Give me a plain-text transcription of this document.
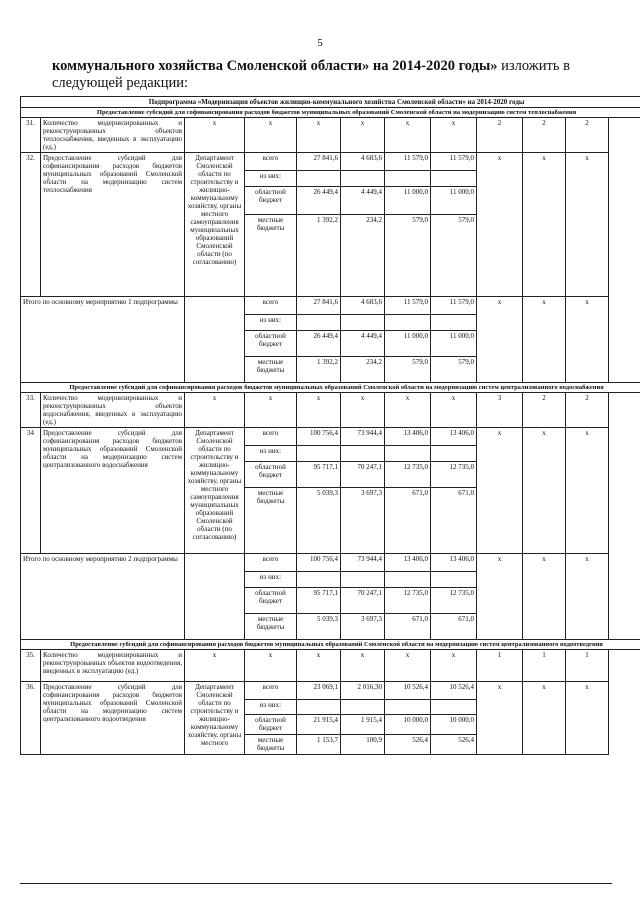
5
коммунального хозяйства Смоленской области» на 2014-2020 годы» изложить в следующей редакции:
Подпрограмма «Модернизация объектов жилищно-коммунального хозяйства Смоленской области» на 2014-2020 годы										
Предоставление субсидий для софинансирования расходов бюджетов муниципальных образований Смоленской области на модернизацию систем теплоснабжения										
31.	Количество модернизированных и реконструированных объектов теплоснабжения, введенных в эксплуатацию (ед.)	х	х	х	х	х	х	2	2	2
32.	Предоставление субсидий для софинансирования расходов бюджетов муниципальных образований Смоленской области на модернизацию систем теплоснабжения	Департамент Смоленской области по строительству и жилищно-коммунальному хозяйству, органы местного самоуправления муниципальных образований Смоленской области (по согласованию)	всего	27 841,6	4 683,6	11 579,0	11 579,0	х	х	х
			из них:							
			областной бюджет	26 449,4	4 449,4	11 000,0	11 000,0			
			местные бюджеты	1 392,2	234,2	579,0	579,0			
Итого по основному мероприятию 1 подпрограммы			всего	27 841,6	4 683,6	11 579,0	11 579,0	х	х	х
			из них:							
			областной бюджет	26 449,4	4 449,4	11 000,0	11 000,0			
			местные бюджеты	1 392,2	234,2	579,0	579,0			
Предоставление субсидий для софинансирования расходов бюджетов муниципальных образований Смоленской области на модернизацию систем централизованного водоснабжения										
33.	Количество модернизированных и реконструированных объектов водоснабжения, введенных в эксплуатацию (ед.)	х	х	х	х	х	х	3	2	2
34	Предоставление субсидий для софинансирования расходов бюджетов муниципальных образований Смоленской области на модернизацию систем централизованного водоснабжения	Департамент Смоленской области по строительству и жилищно-коммунальному хозяйству, органы местного самоуправления муниципальных образований Смоленской области (по согласованию)	всего	100 756,4	73 944,4	13 406,0	13 406,0	х	х	х
			из них:							
			областной бюджет	95 717,1	70 247,1	12 735,0	12 735,0			
			местные бюджеты	5 039,3	3 697,3	671,0	671,0			
Итого по основному мероприятию 2 подпрограммы			всего	100 756,4	73 944,4	13 406,0	13 406,0	х	х	х
			из них:							
			областной бюджет	95 717,1	70 247,1	12 735,0	12 735,0			
			местные бюджеты	5 039,3	3 697,3	671,0	671,0			
Предоставление субсидий для софинансирования расходов бюджетов муниципальных образований Смоленской области на модернизацию систем централизованного водоотведения										
35.	Количество модернизированных и реконструированных объектов водоотведения, введенных в эксплуатацию (ед.)	х	х	х	х	х	х	1	1	1
36.	Предоставление субсидий для софинансирования расходов бюджетов муниципальных образований Смоленской области на модернизацию систем централизованного водоотведения	Департамент Смоленской области по строительству и жилищно-коммунальному хозяйству, органы местного	всего	23 069,1	2 016,30	10 526,4	10 526,4	х	х	х
			из них:							
			областной бюджет	21 915,4	1 915,4	10 000,0	10 000,0			
			местные бюджеты	1 153,7	100,9	526,4	526,4			
